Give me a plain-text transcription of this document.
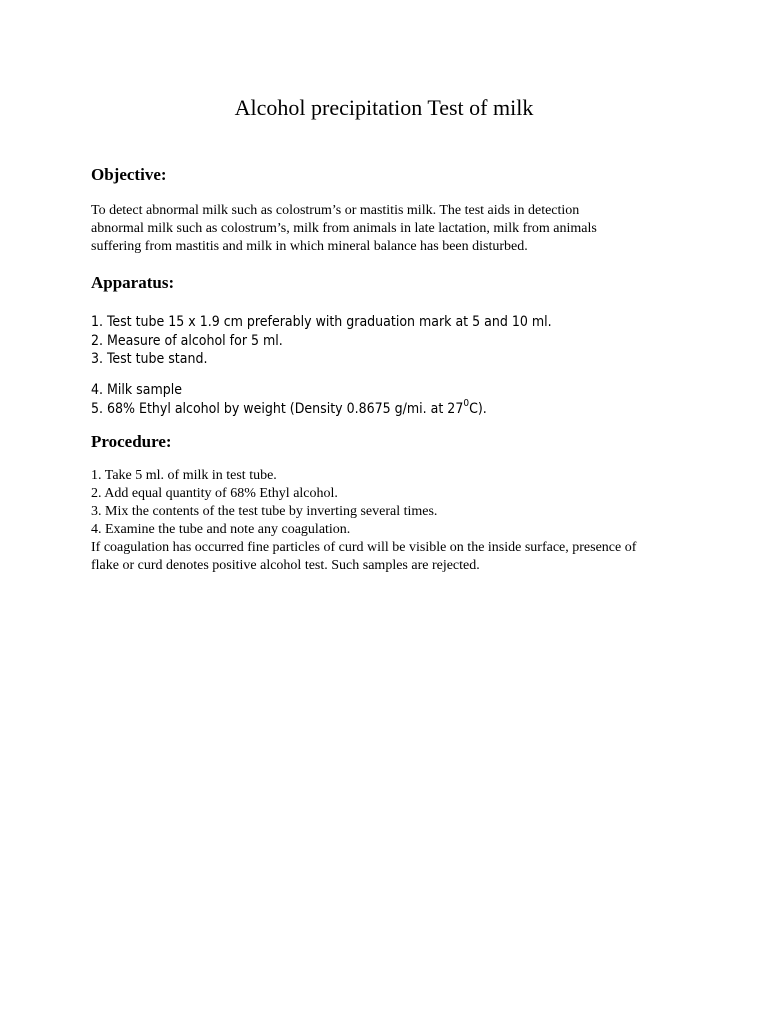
Alcohol precipitation Test of milk
Objective:
To detect abnormal milk such as colostrum’s or mastitis milk. The test aids in detection
abnormal milk such as colostrum’s, milk from animals in late lactation, milk from animals
suffering from mastitis and milk in which mineral balance has been disturbed.
Apparatus:
1. Test tube 15 x 1.9 cm preferably with graduation mark at 5 and 10 ml.
2. Measure of alcohol for 5 ml.
3. Test tube stand.
4. Milk sample
5. 68% Ethyl alcohol by weight (Density 0.8675 g/mi. at $27^0C$).
Procedure:
1. Take 5 ml. of milk in test tube.
2. Add equal quantity of 68% Ethyl alcohol.
3. Mix the contents of the test tube by inverting several times.
4. Examine the tube and note any coagulation.
If coagulation has occurred fine particles of curd will be visible on the inside surface, presence of
flake or curd denotes positive alcohol test. Such samples are rejected.
